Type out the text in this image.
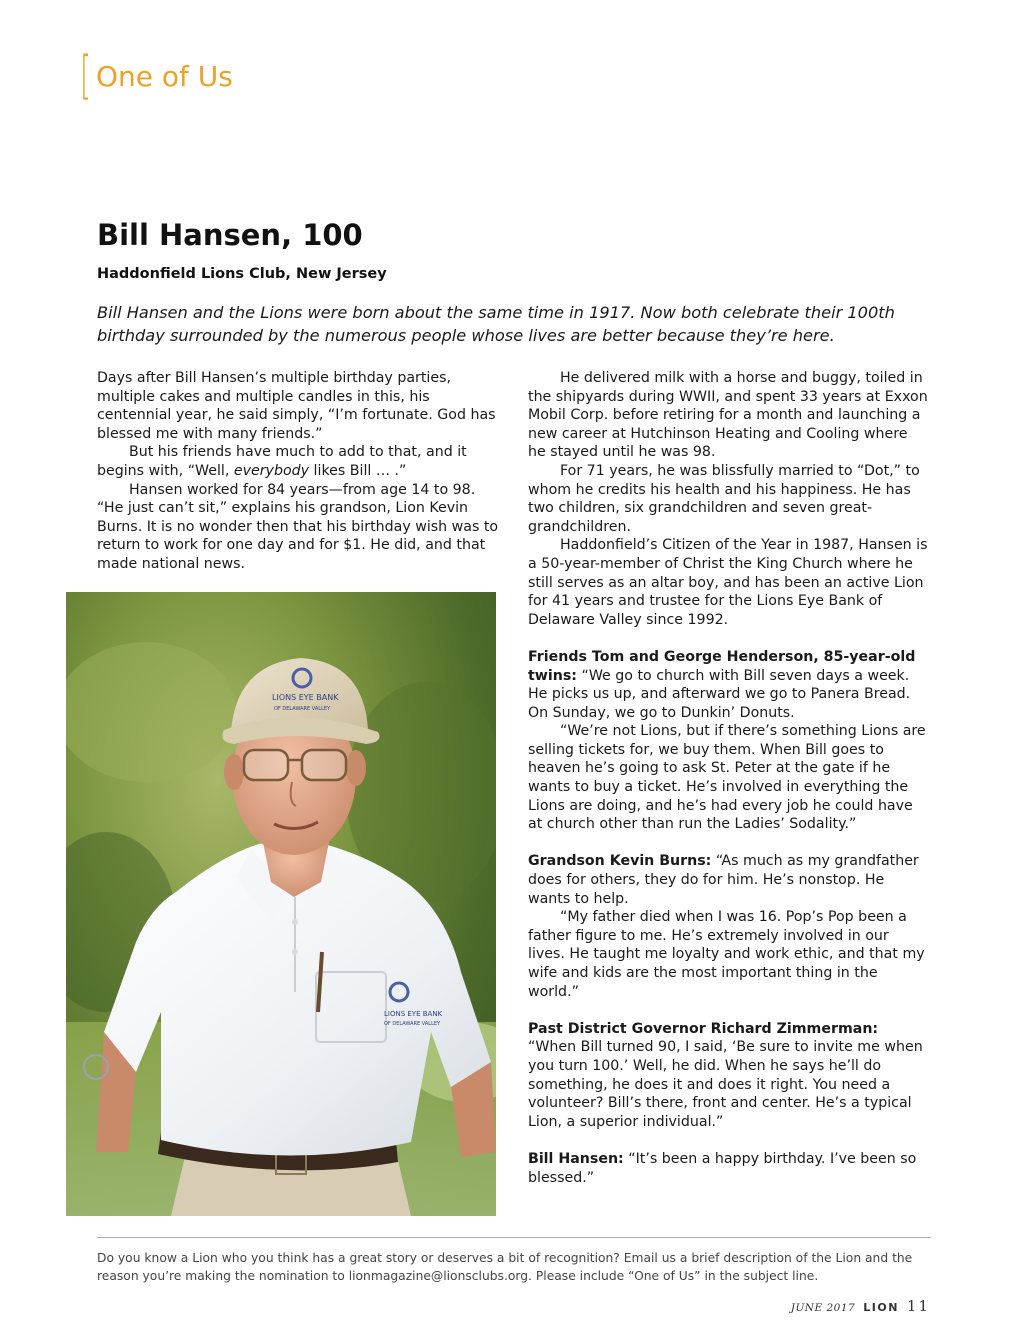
[ One of Us
Bill Hansen, 100
Haddonfield Lions Club, New Jersey

Bill Hansen and the Lions were born about the same time in 1917. Now both celebrate their 100th birthday surrounded by the numerous people whose lives are better because they’re here.

Days after Bill Hansen’s multiple birthday parties, multiple cakes and multiple candles in this, his centennial year, he said simply, “I’m fortunate. God has blessed me with many friends.”

But his friends have much to add to that, and it begins with, “Well, everybody likes Bill … .”

Hansen worked for 84 years—from age 14 to 98. “He just can’t sit,” explains his grandson, Lion Kevin Burns. It is no wonder then that his birthday wish was to return to work for one day and for $1. He did, and that made national news.

LIONS EYE BANK
OF DELAWARE VALLEY
LIONS EYE BANK
OF DELAWARE VALLEY

He delivered milk with a horse and buggy, toiled in the shipyards during WWII, and spent 33 years at Exxon Mobil Corp. before retiring for a month and launching a new career at Hutchinson Heating and Cooling where he stayed until he was 98.

For 71 years, he was blissfully married to “Dot,” to whom he credits his health and his happiness. He has two children, six grandchildren and seven great-grandchildren.

Haddonfield’s Citizen of the Year in 1987, Hansen is a 50-year-member of Christ the King Church where he still serves as an altar boy, and has been an active Lion for 41 years and trustee for the Lions Eye Bank of Delaware Valley since 1992.

Friends Tom and George Henderson, 85-year-old twins: “We go to church with Bill seven days a week. He picks us up, and afterward we go to Panera Bread. On Sunday, we go to Dunkin’ Donuts.

“We’re not Lions, but if there’s something Lions are selling tickets for, we buy them. When Bill goes to heaven he’s going to ask St. Peter at the gate if he wants to buy a ticket. He’s involved in everything the Lions are doing, and he’s had every job he could have at church other than run the Ladies’ Sodality.”

Grandson Kevin Burns: “As much as my grandfather does for others, they do for him. He’s nonstop. He wants to help.

“My father died when I was 16. Pop’s Pop been a father figure to me. He’s extremely involved in our lives. He taught me loyalty and work ethic, and that my wife and kids are the most important thing in the world.”

Past District Governor Richard Zimmerman: “When Bill turned 90, I said, ‘Be sure to invite me when you turn 100.’ Well, he did. When he says he’ll do something, he does it and does it right. You need a volunteer? Bill’s there, front and center. He’s a typical Lion, a superior individual.”

Bill Hansen: “It’s been a happy birthday. I’ve been so blessed.”

Do you know a Lion who you think has a great story or deserves a bit of recognition? Email us a brief description of the Lion and the reason you’re making the nomination to lionmagazine@lionsclubs.org. Please include “One of Us” in the subject line.

JUNE 2017 LION 11
